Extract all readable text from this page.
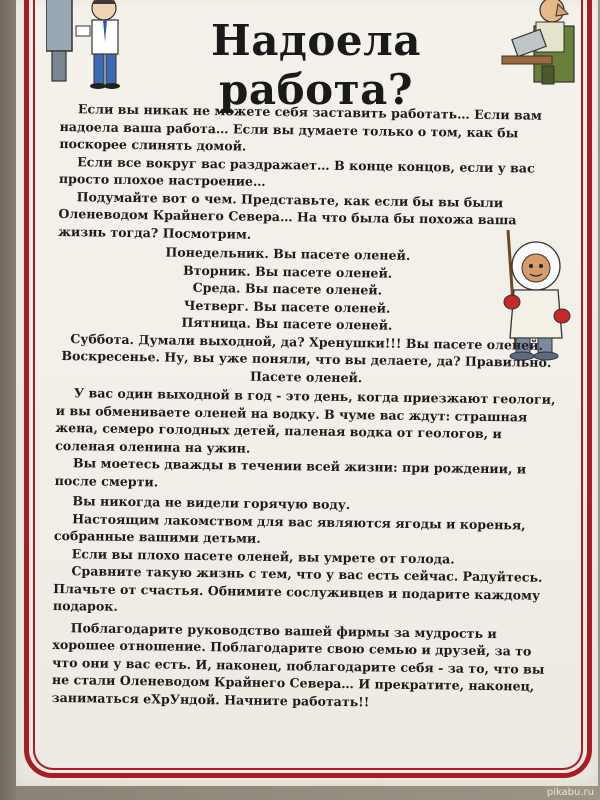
Надоела работа?

Если вы никак не можете себя заставить работать… Если вам надоела ваша работа… Если вы думаете только о том, как бы поскорее слинять домой.

Если все вокруг вас раздражает… В конце концов, если у вас просто плохое настроение…

Подумайте вот о чем. Представьте, как если бы вы были Оленеводом Крайнего Севера… На что была бы похожа ваша жизнь тогда? Посмотрим.

Понедельник. Вы пасете оленей.

Вторник. Вы пасете оленей.

Среда. Вы пасете оленей.

Четверг. Вы пасете оленей.

Пятница. Вы пасете оленей.

Суббота. Думали выходной, да? Хренушки!!! Вы пасете оленей.

Воскресенье. Ну, вы уже поняли, что вы делаете, да? Правильно.

Пасете оленей.

У вас один выходной в год - это день, когда приезжают геологи, и вы обмениваете оленей на водку. В чуме вас ждут: страшная жена, семеро голодных детей, паленая водка от геологов, и соленая оленина на ужин.

Вы моетесь дважды в течении всей жизни: при рождении, и после смерти.

Вы никогда не видели горячую воду.

Настоящим лакомством для вас являются ягоды и коренья, собранные вашими детьми.

Если вы плохо пасете оленей, вы умрете от голода.

Сравните такую жизнь с тем, что у вас есть сейчас. Радуйтесь. Плачьте от счастья. Обнимите сослуживцев и подарите каждому подарок.

Поблагодарите руководство вашей фирмы за мудрость и хорошее отношение. Поблагодарите свою семью и друзей, за то что они у вас есть. И, наконец, поблагодарите себя - за то, что вы не стали Оленеводом Крайнего Севера… И прекратите, наконец, заниматься еХрУндой. Начните работать!!

pikabu.ru
